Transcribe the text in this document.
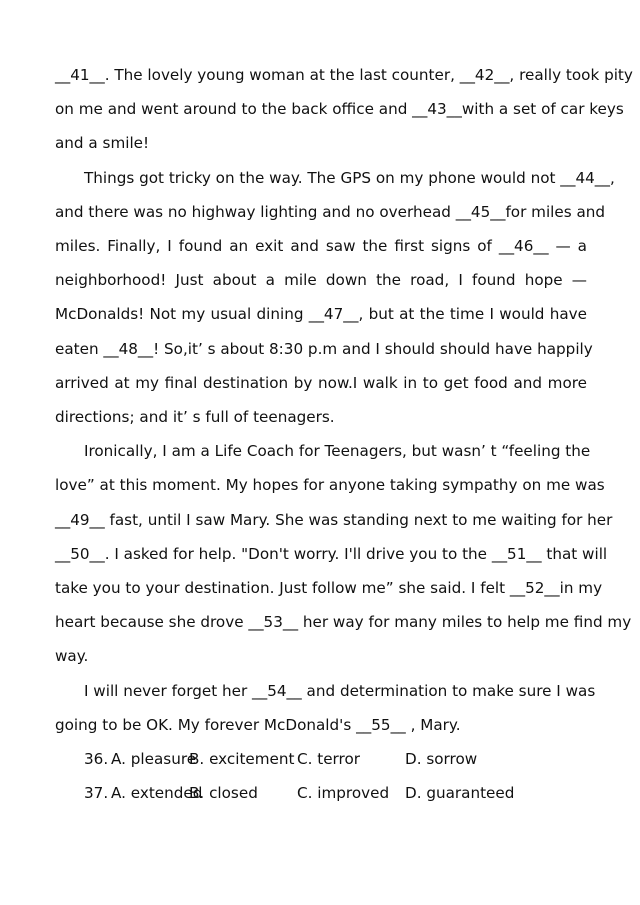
__41__. The lovely young woman at the last counter, __42__, really took pity
on me and went around to the back office and __43__with a set of car keys
and a smile!
Things got tricky on the way. The GPS on my phone would not __44__,
and there was no highway lighting and no overhead __45__for miles and
miles. Finally, I found an exit and saw the first signs of __46__ — a
neighborhood! Just about a mile down the road, I found hope —
McDonalds! Not my usual dining __47__, but at the time I would have
eaten __48__! So,it’ s about 8:30 p.m and I should should have happily
arrived at my final destination by now.I walk in to get food and more
directions; and it’ s full of teenagers.
Ironically, I am a Life Coach for Teenagers, but wasn’ t “feeling the
love” at this moment. My hopes for anyone taking sympathy on me was
__49__ fast, until I saw Mary. She was standing next to me waiting for her
__50__. I asked for help. "Don't worry. I'll drive you to the __51__ that will
take you to your destination. Just follow me” she said. I felt __52__in my
heart because she drove __53__ her way for many miles to help me find my
way.
I will never forget her __54__ and determination to make sure I was
going to be OK. My forever McDonald's __55__ , Mary.
36. A. pleasure
B. excitement C. terror	D. sorrow
37. A. extended
B. closed	C. improved D. guaranteed
